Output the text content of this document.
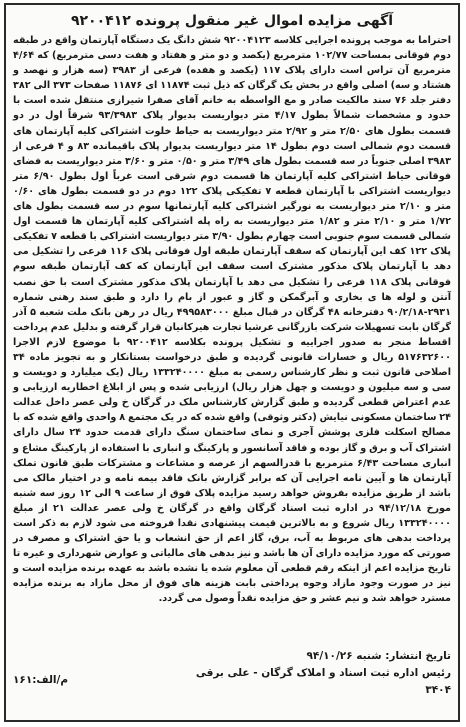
آگهی مزایده اموال غیر منقول پرونده ۹۲۰۰۴۱۲
احتراما به موجب پرونده اجرایی کلاسه ۹۲۰۰۴۱۲۳ شش دانگ یک دستگاه آپارتمان واقع در طبقه دوم فوقانی بمساحت ۱۰۲/۷۷ مترمربع (یکصد و دو متر و هفتاد و هفت دسی مترمربع) که ۴/۶۴ مترمربع آن تراس است دارای پلاک ۱۱۷ (یکصد و هفده) فرعی از ۳۹۸۳ (سه هزار و نهصد و هشتاد و سه) اصلی واقع در بخش یک گرگان که ذیل ثبت ۱۱۸۷۴ ای ۱۱۸۷۶ صفحات ۳۷۳ الی ۳۸۲ دفتر جلد ۷۶ سند مالکیت صادر و مع الواسطه به خانم آقای صفرا شیرازی منتقل شده است با حدود و مشخصات شمالاً بطول ۴/۱۷ متر دیواریست بدیوار پلاک ۹۳/۳۹۸۳ شرقاً اول در دو قسمت بطول های ۲/۵۰ متر و ۲/۹۲ متر دیواریست به حیاط خلوت اشتراکی کلیه آپارتمان های قسمت دوم شمالی است دوم بطول ۱۴ متر دیواریست بدیوار پلاک باقیمانده ۸۳ و ۴ فرعی از ۳۹۸۳ اصلی جنوباً در سه قسمت بطول های ۳/۴۹ متر و ۰/۵۰ متر و ۳/۶۰ متر دیواریست به فضای فوقانی حیاط اشتراکی کلیه آپارتمان ها قسمت دوم شرقی است غرباً اول بطول ۶/۹۰ متر دیواریست اشتراکی با آپارتمان قطعه ۷ تفکیکی پلاک ۱۲۲ دوم در دو قسمت بطول های ۰/۶۰ متر و ۲/۱۰ متر دیواریست به نورگیر اشتراکی کلیه آپارتمانها سوم در سه قسمت بطول های ۱/۷۲ متر و ۲/۱۰ متر و ۱/۸۲ متر دیواریست به راه پله اشتراکی کلیه آپارتمان ها قسمت اول شمالی قسمت سوم جنوبی است چهارم بطول ۳/۹۰ متر دیواریست اشتراکی با قطعه ۷ تفکیکی پلاک ۱۲۲ کف این آپارتمان که سقف آپارتمان طبقه اول فوقانی پلاک ۱۱۶ فرعی را تشکیل می دهد با آپارتمان پلاک مذکور مشترک است سقف این آپارتمان که کف آپارتمان طبقه سوم فوقانی پلاک ۱۱۸ فرعی را تشکیل می دهد با آپارتمان پلاک مذکور مشترک است با حق نصب آنتن و لوله ها ی بخاری و آبرگمکن و گاز و عبور از بام را دارد و طبق سند رهنی شماره ۲۹۳۱-۹۰/۲/۱۸ دفترخانه ۴۸ گرگان در قبال مبلغ ۴۹۹۵۸۳۰۰۰ ریال در رهن بانک ملت شعبه ۵ آذر گرگان بابت تسهیلات شرکت بازرگانی عرشیا تجارت هیرکانیان قرار گرفته و بدلیل عدم پرداخت اقساط منجر به صدور اجراییه و تشکیل پرونده بکلاسه ۹۲۰۰۴۱۲ با موضوع لازم الاجرا ۵۱۷۶۳۲۶۰۰ ریال و خسارات قانونی گردیده و طبق درخواست بستانکار و به تجویز ماده ۳۴ اصلاحی قانون ثبت و نظر کارشناس رسمی به مبلغ ۱۳۳۲۴۰۰۰۰ ریال (یک میلیارد و دویست و سی و سه میلیون و دویست و چهل هزار ریال) ارزیابی شده و پس از ابلاغ اخطاریه ارزیابی و عدم اعتراض قطعی گردیده و طبق گزارش کارشناس ملک در گرگان خ ولی عصر داخل عدالت ۲۴ ساختمان مسکونی نیایش (دکتر وثوقی) واقع شده که در یک مجتمع ۸ واحدی واقع شده که با مصالح اسکلت فلزی پوشش آجری و نمای ساختمان سنگ دارای قدمت حدود ۲۴ سال دارای اشتراک آب و برق و گاز بوده و فاقد آسانسور و پارکینگ و انباری با استفاده از پارکینگ مشاع و انباری مساحت ۶/۴۳ مترمربع با قدرالسهم از عرصه و مشاعات و مشترکات طبق قانون تملک آپارتمان ها و آیین نامه اجرایی آن که برابر گزارش بانک فاقد بیمه نامه و در اختیار مالک می باشد از طریق مزایده بفروش خواهد رسید مزایده پلاک فوق از ساعت ۹ الی ۱۲ روز سه شنبه مورخ ۹۴/۱۲/۱۸ در اداره ثبت اسناد گرگان واقع در گرگان خ ولی عصر عدالت ۲۱ از مبلغ ۱۳۳۲۴۰۰۰۰ ریال شروع و به بالاترین قیمت پیشنهادی نقدا فروخته می شود لازم به ذکر است پرداخت بدهی های مربوط به آب، برق، گاز اعم از حق انشعاب و یا حق اشتراک و مصرف در صورتی که مورد مزایده دارای آن ها باشد و نیز بدهی های مالیاتی و عوارض شهرداری و غیره تا تاریخ مزایده اعم از اینکه رقم قطعی آن معلوم شده یا نشده باشد به عهده برنده مزایده است و نیز در صورت وجود مازاد وجوه پرداختی بابت هزینه های فوق از محل مازاد به برنده مزایده مسترد خواهد شد و نیم عشر و حق مزایده نقداً وصول می گردد.
تاریخ انتشار: شنبه ۹۴/۱۰/۲۶
رئیس اداره ثبت اسناد و املاک گرگان - علی برقی
۳۴۰۴
م/الف:۱۶۱
